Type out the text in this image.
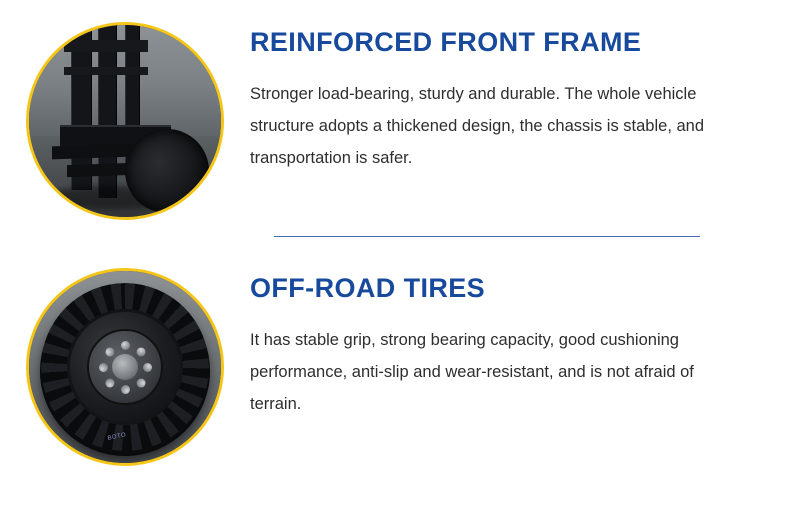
REINFORCED FRONT FRAME

Stronger load-bearing, sturdy and durable. The whole vehicle structure adopts a thickened design, the chassis is stable, and transportation is safer.

BOTO
OFF-ROAD TIRES

It has stable grip, strong bearing capacity, good cushioning performance, anti-slip and wear-resistant, and is not afraid of terrain.
